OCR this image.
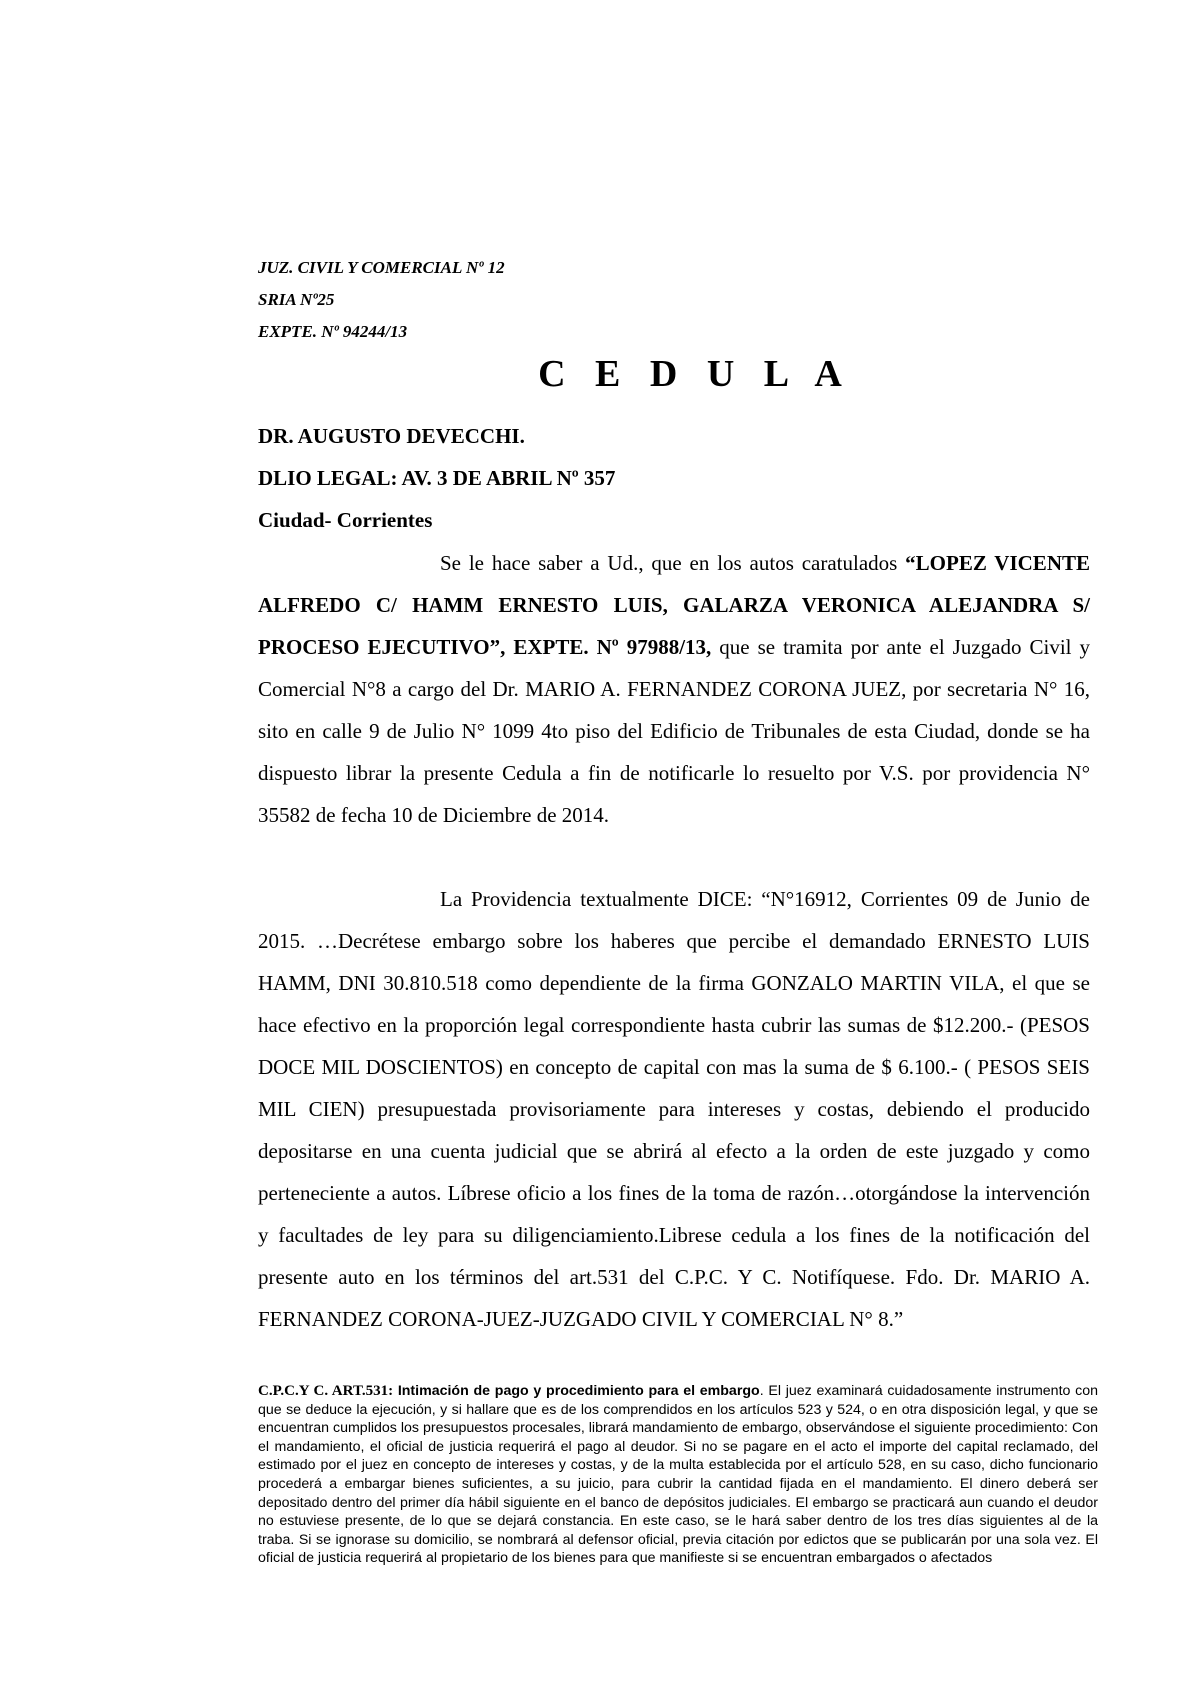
JUZ. CIVIL Y COMERCIAL Nº 12
SRIA Nº25
EXPTE. Nº 94244/13
C E D U L A
DR. AUGUSTO DEVECCHI.
DLIO LEGAL: AV. 3 DE ABRIL Nº 357
Ciudad- Corrientes

Se le hace saber a Ud., que en los autos caratulados “LOPEZ VICENTE ALFREDO C/ HAMM ERNESTO LUIS, GALARZA VERONICA ALEJANDRA S/ PROCESO EJECUTIVO”, EXPTE. Nº 97988/13, que se tramita por ante el Juzgado Civil y Comercial N°8 a cargo del Dr. MARIO A. FERNANDEZ CORONA JUEZ, por secretaria N° 16, sito en calle 9 de Julio N° 1099 4to piso del Edificio de Tribunales de esta Ciudad, donde se ha dispuesto librar la presente Cedula a fin de notificarle lo resuelto por V.S. por providencia N° 35582 de fecha 10 de Diciembre de 2014.

La Providencia textualmente DICE: “N°16912, Corrientes 09 de Junio de 2015. …Decrétese embargo sobre los haberes que percibe el demandado ERNESTO LUIS HAMM, DNI 30.810.518 como dependiente de la firma GONZALO MARTIN VILA, el que se hace efectivo en la proporción legal correspondiente hasta cubrir las sumas de $12.200.- (PESOS DOCE MIL DOSCIENTOS) en concepto de capital con mas la suma de $ 6.100.- ( PESOS SEIS MIL CIEN) presupuestada provisoriamente para intereses y costas, debiendo el producido depositarse en una cuenta judicial que se abrirá al efecto a la orden de este juzgado y como perteneciente a autos. Líbrese oficio a los fines de la toma de razón…otorgándose la intervención y facultades de ley para su diligenciamiento.Librese cedula a los fines de la notificación del presente auto en los términos del art.531 del C.P.C. Y C. Notifíquese. Fdo. Dr. MARIO A. FERNANDEZ CORONA-JUEZ-JUZGADO CIVIL Y COMERCIAL N° 8.”

C.P.C.Y C. ART.531: Intimación de pago y procedimiento para el embargo. El juez examinará cuidadosamente instrumento con que se deduce la ejecución, y si hallare que es de los comprendidos en los artículos 523 y 524, o en otra disposición legal, y que se encuentran cumplidos los presupuestos procesales, librará mandamiento de embargo, observándose el siguiente procedimiento: Con el mandamiento, el oficial de justicia requerirá el pago al deudor. Si no se pagare en el acto el importe del capital reclamado, del estimado por el juez en concepto de intereses y costas, y de la multa establecida por el artículo 528, en su caso, dicho funcionario procederá a embargar bienes suficientes, a su juicio, para cubrir la cantidad fijada en el mandamiento. El dinero deberá ser depositado dentro del primer día hábil siguiente en el banco de depósitos judiciales. El embargo se practicará aun cuando el deudor no estuviese presente, de lo que se dejará constancia. En este caso, se le hará saber dentro de los tres días siguientes al de la traba. Si se ignorase su domicilio, se nombrará al defensor oficial, previa citación por edictos que se publicarán por una sola vez. El oficial de justicia requerirá al propietario de los bienes para que manifieste si se encuentran embargados o afectados
